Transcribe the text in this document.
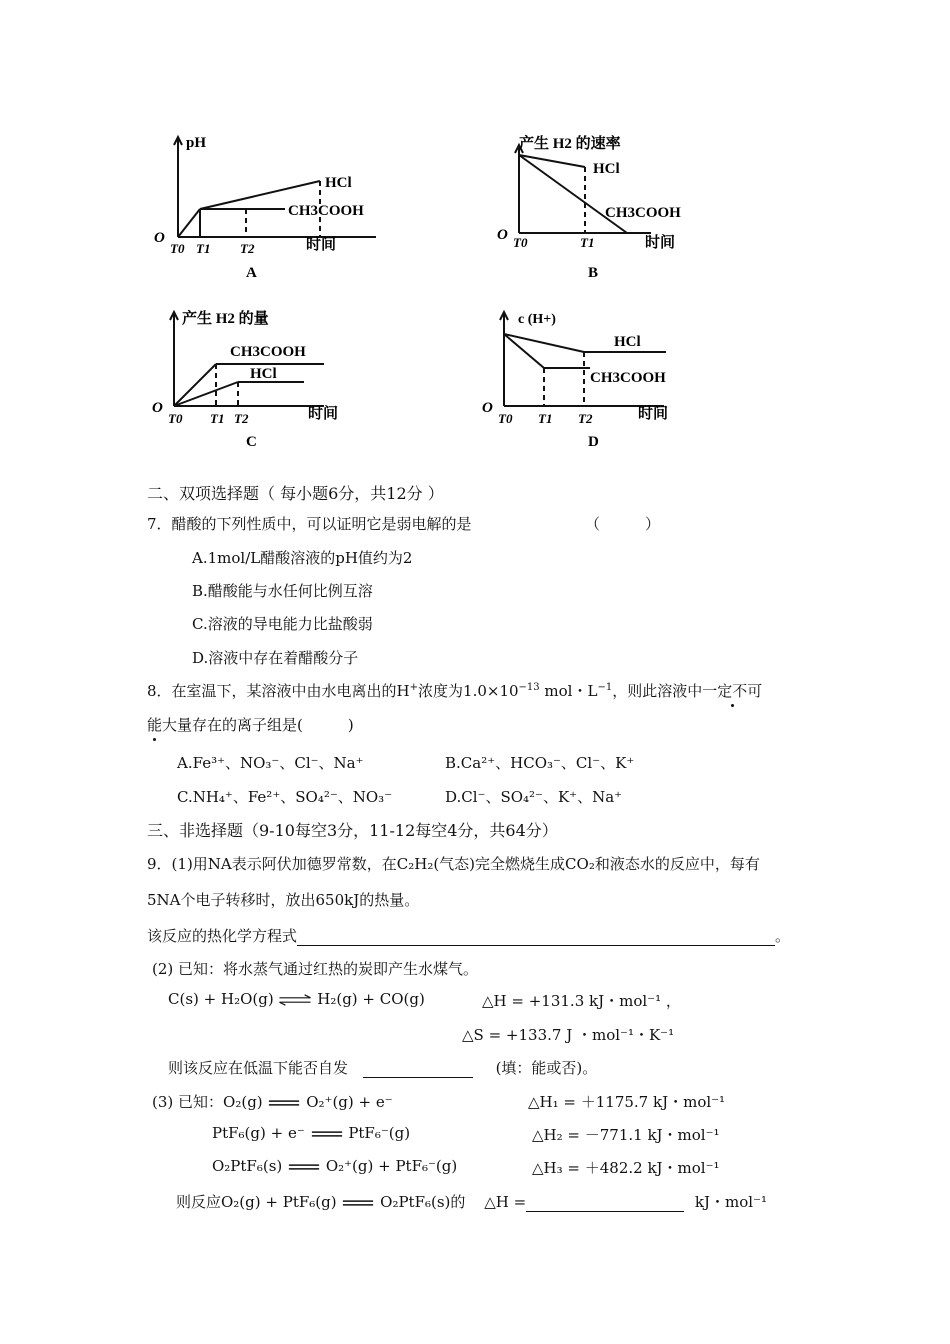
pH
HCl
CH3COOH
O
T0 T1 T2	时间
A
产生 H2 的速率
HCl
CH3COOH
O T0	T1	时间
B
产生 H2 的量
CH3COOH
HCl
O
T0 T1 T2	时间
C
c (H+)
HCl
CH3COOH
O
T0 T1 T2	时间
D
二、双项选择题（ 每小题6分，共12分 ）
7．醋酸的下列性质中，可以证明它是弱电解的是	（　　　）
A.1mol/L醋酸溶液的pH值约为2
B.醋酸能与水任何比例互溶
C.溶液的导电能力比盐酸弱
D.溶液中存在着醋酸分子
8．在室温下，某溶液中由水电离出的H+浓度为$1.0\times 10^{-13}$ mol・$L^{-1}$，则此溶液中一定不可
能大量存在的离子组是(　　　)
A.Fe³⁺、NO₃⁻、Cl⁻、Na⁺	B.Ca²⁺、HCO₃⁻、Cl⁻、K⁺
C.NH₄⁺、Fe²⁺、SO₄²⁻、NO₃⁻	D.Cl⁻、SO₄²⁻、K⁺、Na⁺
三、非选择题（9-10每空3分，11-12每空4分，共64分）
9．(1)用NA表示阿伏加德罗常数，在C₂H₂(气态)完全燃烧生成CO₂和液态水的反应中，每有
5NA个电子转移时，放出650kJ的热量。
该反应的热化学方程式	。
(2) 已知：将水蒸气通过红热的炭即产生水煤气。
C(s) + H₂O(g) ⇌ H₂(g) + CO(g)	△H = +131.3 kJ・mol⁻¹ ，
△S = +133.7 J ・mol⁻¹・K⁻¹
则该反应在低温下能否自发	(填：能或否)。
(3) 已知：O₂(g)	O₂⁺(g) + e⁻	△H₁ = ＋1175.7 kJ・mol⁻¹
PtF₆(g) + e⁻	PtF₆⁻(g)	△H₂ = －771.1 kJ・mol⁻¹
O₂PtF₆(s)	O₂⁺(g) + PtF₆⁻(g)	△H₃ = ＋482.2 kJ・mol⁻¹
则反应O₂(g) + PtF₆(g)	O₂PtF₆(s)的 △H =	kJ・mol⁻¹
